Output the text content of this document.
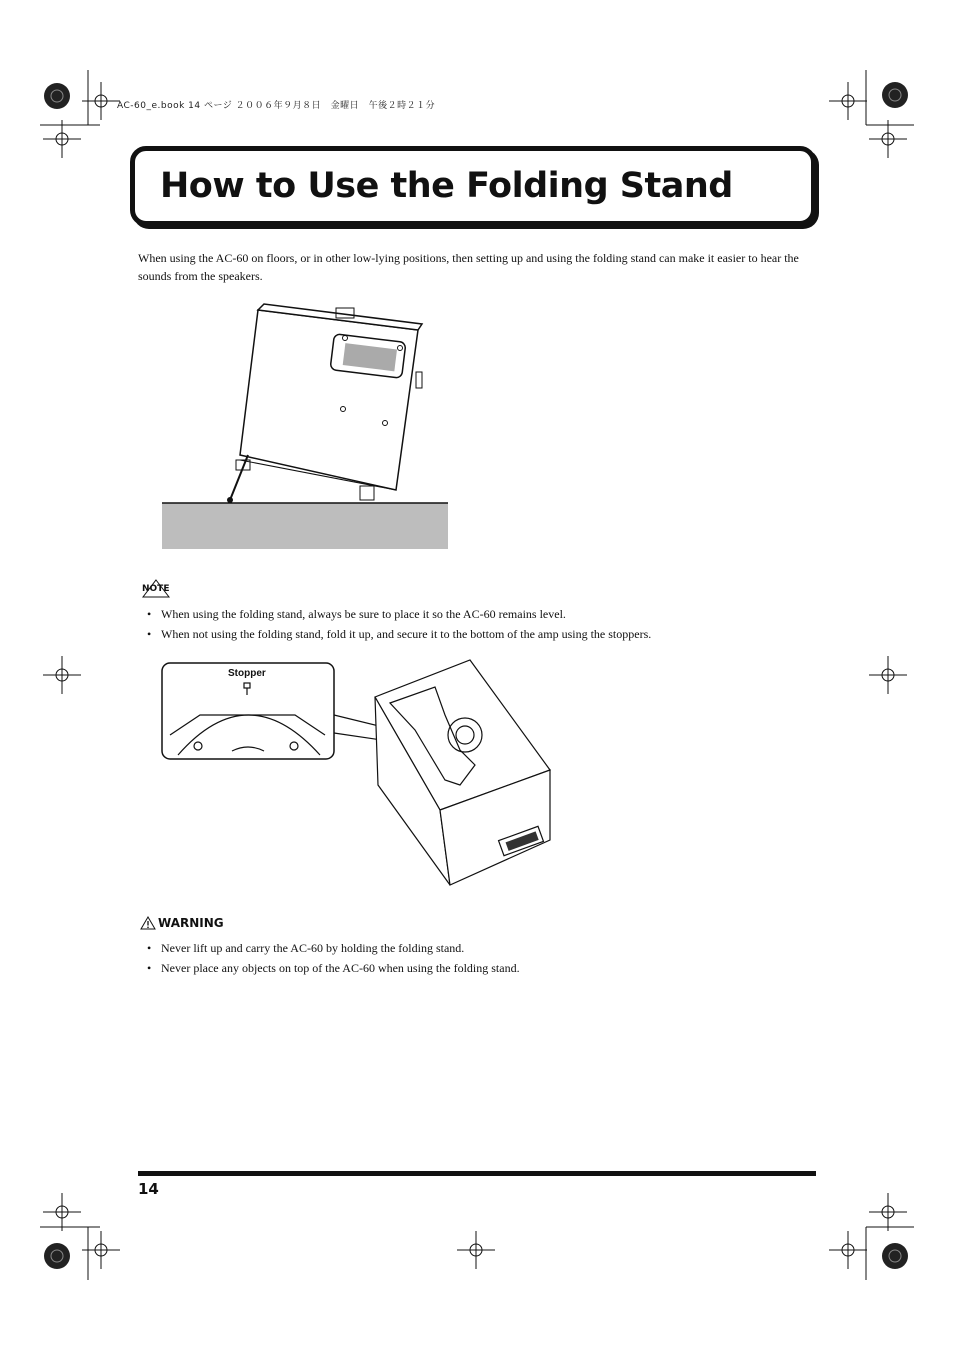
AC-60_e.book 14 ページ ２００６年９月８日　金曜日　午後２時２１分
How to Use the Folding Stand

When using the AC-60 on floors, or in other low-lying positions, then setting up and using the folding stand can make it easier to hear the sounds from the speakers.

NOTE
• When using the folding stand, always be sure to place it so the AC-60 remains level.
• When not using the folding stand, fold it up, and secure it to the bottom of the amp using the stoppers.
Stopper
WARNING
• Never lift up and carry the AC-60 by holding the folding stand.
• Never place any objects on top of the AC-60 when using the folding stand.
14
